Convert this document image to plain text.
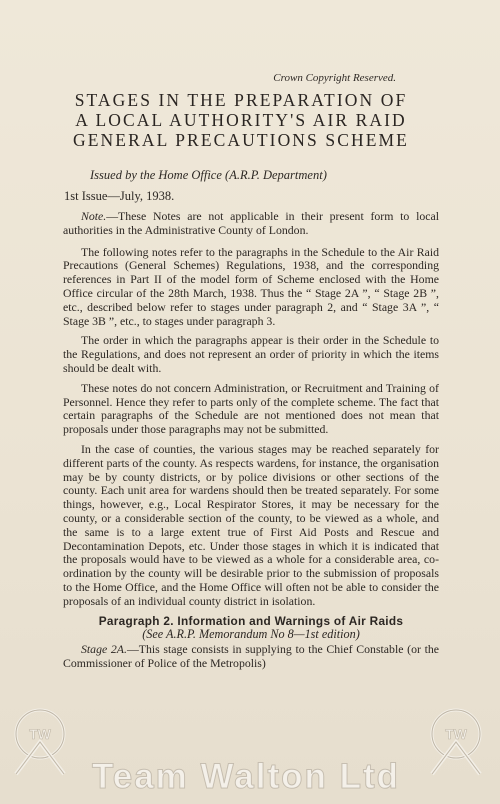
Crown Copyright Reserved.
STAGES IN THE PREPARATION OF
A LOCAL AUTHORITY'S AIR RAID
GENERAL PRECAUTIONS SCHEME
Issued by the Home Office (A.R.P. Department)
1st Issue—July, 1938.

Note.—These Notes are not applicable in their present form to local authorities in the Administrative County of London.

The following notes refer to the paragraphs in the Schedule to the Air Raid Precautions (General Schemes) Regulations, 1938, and the corresponding references in Part II of the model form of Scheme enclosed with the Home Office circular of the 28th March, 1938. Thus the “ Stage 2A ”, “ Stage 2B ”, etc., described below refer to stages under paragraph 2, and “ Stage 3A ”, “ Stage 3B ”, etc., to stages under paragraph 3.

The order in which the paragraphs appear is their order in the Schedule to the Regulations, and does not represent an order of priority in which the items should be dealt with.

These notes do not concern Administration, or Recruitment and Training of Personnel. Hence they refer to parts only of the complete scheme. The fact that certain paragraphs of the Schedule are not mentioned does not mean that proposals under those paragraphs may not be submitted.

In the case of counties, the various stages may be reached separately for different parts of the county. As respects wardens, for instance, the organisation may be by county districts, or by police divisions or other sections of the county. Each unit area for wardens should then be treated separately. For some things, however, e.g., Local Respirator Stores, it may be necessary for the county, or a considerable section of the county, to be viewed as a whole, and the same is to a large extent true of First Aid Posts and Rescue and Decontamination Depots, etc. Under those stages in which it is indicated that the proposals would have to be viewed as a whole for a considerable area, co-ordination by the county will be desirable prior to the submission of proposals to the Home Office, and the Home Office will often not be able to consider the proposals of an individual county district in isolation.

Paragraph 2. Information and Warnings of Air Raids
(See A.R.P. Memorandum No 8—1st edition)

Stage 2A.—This stage consists in supplying to the Chief Constable (or the Commissioner of Police of the Metropolis)

TW	TW
Team Walton Ltd
